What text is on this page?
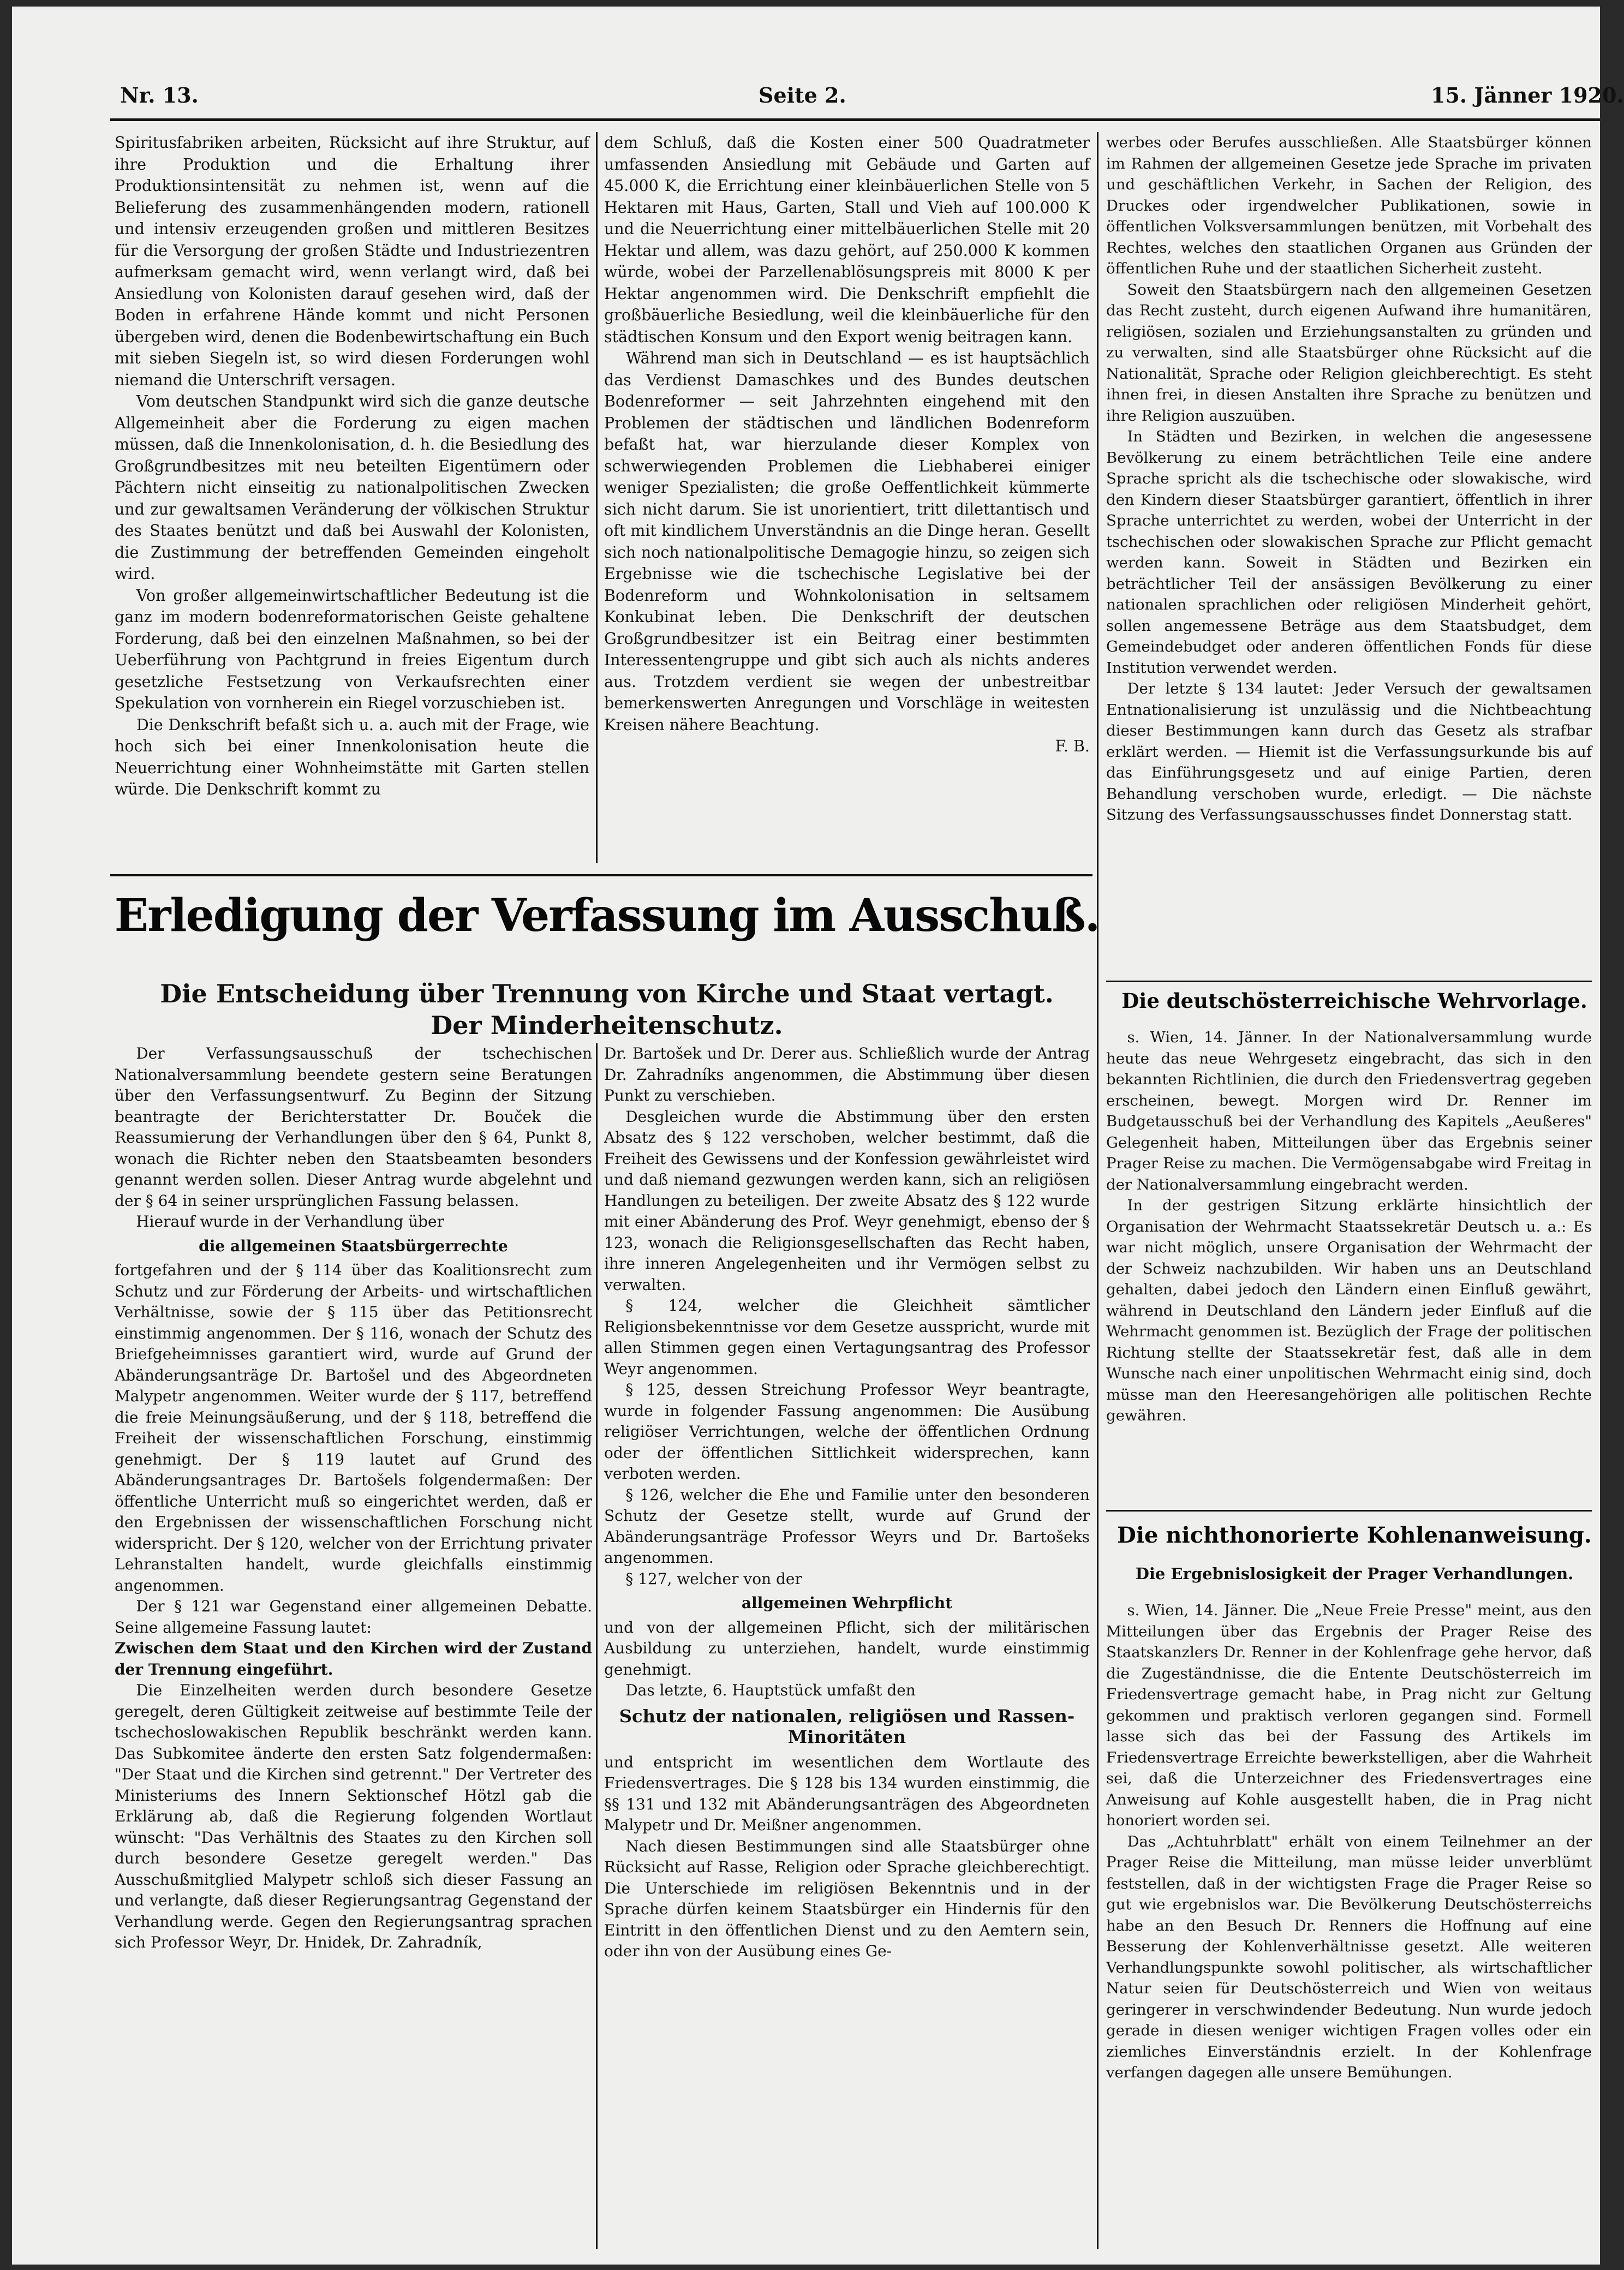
Nr. 13.	Seite 2.	15. Jänner 1920.

Spiritusfabriken arbeiten, Rücksicht auf ihre Struktur, auf ihre Produktion und die Erhaltung ihrer Produktionsintensität zu nehmen ist, wenn auf die Belieferung des zusammenhängenden modern, rationell und intensiv erzeugenden großen und mittleren Besitzes für die Versorgung der großen Städte und Industriezentren aufmerksam gemacht wird, wenn verlangt wird, daß bei Ansiedlung von Kolonisten darauf gesehen wird, daß der Boden in erfahrene Hände kommt und nicht Personen übergeben wird, denen die Bodenbewirtschaftung ein Buch mit sieben Siegeln ist, so wird diesen Forderungen wohl niemand die Unterschrift versagen.

Vom deutschen Standpunkt wird sich die ganze deutsche Allgemeinheit aber die Forderung zu eigen machen müssen, daß die Innenkolonisation, d. h. die Besiedlung des Großgrundbesitzes mit neu beteilten Eigentümern oder Pächtern nicht einseitig zu nationalpolitischen Zwecken und zur gewaltsamen Veränderung der völkischen Struktur des Staates benützt und daß bei Auswahl der Kolonisten, die Zustimmung der betreffenden Gemeinden eingeholt wird.

Von großer allgemeinwirtschaftlicher Bedeutung ist die ganz im modern bodenreformatorischen Geiste gehaltene Forderung, daß bei den einzelnen Maßnahmen, so bei der Ueberführung von Pachtgrund in freies Eigentum durch gesetzliche Festsetzung von Verkaufsrechten einer Spekulation von vornherein ein Riegel vorzuschieben ist.

Die Denkschrift befaßt sich u. a. auch mit der Frage, wie hoch sich bei einer Innenkolonisation heute die Neuerrichtung einer Wohnheimstätte mit Garten stellen würde. Die Denkschrift kommt zu

dem Schluß, daß die Kosten einer 500 Quadratmeter umfassenden Ansiedlung mit Gebäude und Garten auf 45.000 K, die Errichtung einer kleinbäuerlichen Stelle von 5 Hektaren mit Haus, Garten, Stall und Vieh auf 100.000 K und die Neuerrichtung einer mittelbäuerlichen Stelle mit 20 Hektar und allem, was dazu gehört, auf 250.000 K kommen würde, wobei der Parzellenablösungspreis mit 8000 K per Hektar angenommen wird. Die Denkschrift empfiehlt die großbäuerliche Besiedlung, weil die kleinbäuerliche für den städtischen Konsum und den Export wenig beitragen kann.

Während man sich in Deutschland — es ist hauptsächlich das Verdienst Damaschkes und des Bundes deutschen Bodenreformer — seit Jahrzehnten eingehend mit den Problemen der städtischen und ländlichen Bodenreform befaßt hat, war hierzulande dieser Komplex von schwerwiegenden Problemen die Liebhaberei einiger weniger Spezialisten; die große Oeffentlichkeit kümmerte sich nicht darum. Sie ist unorientiert, tritt dilettantisch und oft mit kindlichem Unverständnis an die Dinge heran. Gesellt sich noch nationalpolitische Demagogie hinzu, so zeigen sich Ergebnisse wie die tschechische Legislative bei der Bodenreform und Wohnkolonisation in seltsamem Konkubinat leben. Die Denkschrift der deutschen Großgrundbesitzer ist ein Beitrag einer bestimmten Interessentengruppe und gibt sich auch als nichts anderes aus. Trotzdem verdient sie wegen der unbestreitbar bemerkenswerten Anregungen und Vorschläge in weitesten Kreisen nähere Beachtung.

F. B.

werbes oder Berufes ausschließen. Alle Staatsbürger können im Rahmen der allgemeinen Gesetze jede Sprache im privaten und geschäftlichen Verkehr, in Sachen der Religion, des Druckes oder irgendwelcher Publikationen, sowie in öffentlichen Volksversammlungen benützen, mit Vorbehalt des Rechtes, welches den staatlichen Organen aus Gründen der öffentlichen Ruhe und der staatlichen Sicherheit zusteht.

Soweit den Staatsbürgern nach den allgemeinen Gesetzen das Recht zusteht, durch eigenen Aufwand ihre humanitären, religiösen, sozialen und Erziehungsanstalten zu gründen und zu verwalten, sind alle Staatsbürger ohne Rücksicht auf die Nationalität, Sprache oder Religion gleichberechtigt. Es steht ihnen frei, in diesen Anstalten ihre Sprache zu benützen und ihre Religion auszuüben.

In Städten und Bezirken, in welchen die angesessene Bevölkerung zu einem beträchtlichen Teile eine andere Sprache spricht als die tschechische oder slowakische, wird den Kindern dieser Staatsbürger garantiert, öffentlich in ihrer Sprache unterrichtet zu werden, wobei der Unterricht in der tschechischen oder slowakischen Sprache zur Pflicht gemacht werden kann. Soweit in Städten und Bezirken ein beträchtlicher Teil der ansässigen Bevölkerung zu einer nationalen sprachlichen oder religiösen Minderheit gehört, sollen angemessene Beträge aus dem Staatsbudget, dem Gemeindebudget oder anderen öffentlichen Fonds für diese Institution verwendet werden.

Der letzte § 134 lautet: Jeder Versuch der gewaltsamen Entnationalisierung ist unzulässig und die Nichtbeachtung dieser Bestimmungen kann durch das Gesetz als strafbar erklärt werden. — Hiemit ist die Verfassungsurkunde bis auf das Einführungsgesetz und auf einige Partien, deren Behandlung verschoben wurde, erledigt. — Die nächste Sitzung des Verfassungsausschusses findet Donnerstag statt.

Erledigung der Verfassung im Ausschuß.
Die Entscheidung über Trennung von Kirche und Staat vertagt.
Der Minderheitenschutz.

Der Verfassungsausschuß der tschechischen Nationalversammlung beendete gestern seine Beratungen über den Verfassungsentwurf. Zu Beginn der Sitzung beantragte der Berichterstatter Dr. Bouček die Reassumierung der Verhandlungen über den § 64, Punkt 8, wonach die Richter neben den Staatsbeamten besonders genannt werden sollen. Dieser Antrag wurde abgelehnt und der § 64 in seiner ursprünglichen Fassung belassen.

Hierauf wurde in der Verhandlung über

die allgemeinen Staatsbürgerrechte

fortgefahren und der § 114 über das Koalitionsrecht zum Schutz und zur Förderung der Arbeits- und wirtschaftlichen Verhältnisse, sowie der § 115 über das Petitionsrecht einstimmig angenommen. Der § 116, wonach der Schutz des Briefgeheimnisses garantiert wird, wurde auf Grund der Abänderungsanträge Dr. Bartošel und des Abgeordneten Malypetr angenommen. Weiter wurde der § 117, betreffend die freie Meinungsäußerung, und der § 118, betreffend die Freiheit der wissenschaftlichen Forschung, einstimmig genehmigt. Der § 119 lautet auf Grund des Abänderungsantrages Dr. Bartošels folgendermaßen: Der öffentliche Unterricht muß so eingerichtet werden, daß er den Ergebnissen der wissenschaftlichen Forschung nicht widerspricht. Der § 120, welcher von der Errichtung privater Lehranstalten handelt, wurde gleichfalls einstimmig angenommen.

Der § 121 war Gegenstand einer allgemeinen Debatte. Seine allgemeine Fassung lautet:

Zwischen dem Staat und den Kirchen wird der Zustand der Trennung eingeführt.

Die Einzelheiten werden durch besondere Gesetze geregelt, deren Gültigkeit zeitweise auf bestimmte Teile der tschechoslowakischen Republik beschränkt werden kann. Das Subkomitee änderte den ersten Satz folgendermaßen: "Der Staat und die Kirchen sind getrennt." Der Vertreter des Ministeriums des Innern Sektionschef Hötzl gab die Erklärung ab, daß die Regierung folgenden Wortlaut wünscht: "Das Verhältnis des Staates zu den Kirchen soll durch besondere Gesetze geregelt werden." Das Ausschußmitglied Malypetr schloß sich dieser Fassung an und verlangte, daß dieser Regierungsantrag Gegenstand der Verhandlung werde. Gegen den Regierungsantrag sprachen sich Professor Weyr, Dr. Hnidek, Dr. Zahradník,

Dr. Bartošek und Dr. Derer aus. Schließlich wurde der Antrag Dr. Zahradníks angenommen, die Abstimmung über diesen Punkt zu verschieben.

Desgleichen wurde die Abstimmung über den ersten Absatz des § 122 verschoben, welcher bestimmt, daß die Freiheit des Gewissens und der Konfession gewährleistet wird und daß niemand gezwungen werden kann, sich an religiösen Handlungen zu beteiligen. Der zweite Absatz des § 122 wurde mit einer Abänderung des Prof. Weyr genehmigt, ebenso der § 123, wonach die Religionsgesellschaften das Recht haben, ihre inneren Angelegenheiten und ihr Vermögen selbst zu verwalten.

§ 124, welcher die Gleichheit sämtlicher Religionsbekenntnisse vor dem Gesetze ausspricht, wurde mit allen Stimmen gegen einen Vertagungsantrag des Professor Weyr angenommen.

§ 125, dessen Streichung Professor Weyr beantragte, wurde in folgender Fassung angenommen: Die Ausübung religiöser Verrichtungen, welche der öffentlichen Ordnung oder der öffentlichen Sittlichkeit widersprechen, kann verboten werden.

§ 126, welcher die Ehe und Familie unter den besonderen Schutz der Gesetze stellt, wurde auf Grund der Abänderungsanträge Professor Weyrs und Dr. Bartošeks angenommen.

§ 127, welcher von der

allgemeinen Wehrpflicht

und von der allgemeinen Pflicht, sich der militärischen Ausbildung zu unterziehen, handelt, wurde einstimmig genehmigt.

Das letzte, 6. Hauptstück umfaßt den

Schutz der nationalen, religiösen und Rassen-Minoritäten

und entspricht im wesentlichen dem Wortlaute des Friedensvertrages. Die § 128 bis 134 wurden einstimmig, die §§ 131 und 132 mit Abänderungsanträgen des Abgeordneten Malypetr und Dr. Meißner angenommen.

Nach diesen Bestimmungen sind alle Staatsbürger ohne Rücksicht auf Rasse, Religion oder Sprache gleichberechtigt. Die Unterschiede im religiösen Bekenntnis und in der Sprache dürfen keinem Staatsbürger ein Hindernis für den Eintritt in den öffentlichen Dienst und zu den Aemtern sein, oder ihn von der Ausübung eines Ge-

Die deutschösterreichische Wehrvorlage.

s. Wien, 14. Jänner. In der Nationalversammlung wurde heute das neue Wehrgesetz eingebracht, das sich in den bekannten Richtlinien, die durch den Friedensvertrag gegeben erscheinen, bewegt. Morgen wird Dr. Renner im Budgetausschuß bei der Verhandlung des Kapitels „Aeußeres" Gelegenheit haben, Mitteilungen über das Ergebnis seiner Prager Reise zu machen. Die Vermögensabgabe wird Freitag in der Nationalversammlung eingebracht werden.

In der gestrigen Sitzung erklärte hinsichtlich der Organisation der Wehrmacht Staatssekretär Deutsch u. a.: Es war nicht möglich, unsere Organisation der Wehrmacht der der Schweiz nachzubilden. Wir haben uns an Deutschland gehalten, dabei jedoch den Ländern einen Einfluß gewährt, während in Deutschland den Ländern jeder Einfluß auf die Wehrmacht genommen ist. Bezüglich der Frage der politischen Richtung stellte der Staatssekretär fest, daß alle in dem Wunsche nach einer unpolitischen Wehrmacht einig sind, doch müsse man den Heeresangehörigen alle politischen Rechte gewähren.

Die nichthonorierte Kohlenanweisung.
Die Ergebnislosigkeit der Prager Verhandlungen.

s. Wien, 14. Jänner. Die „Neue Freie Presse" meint, aus den Mitteilungen über das Ergebnis der Prager Reise des Staatskanzlers Dr. Renner in der Kohlenfrage gehe hervor, daß die Zugeständnisse, die die Entente Deutschösterreich im Friedensvertrage gemacht habe, in Prag nicht zur Geltung gekommen und praktisch verloren gegangen sind. Formell lasse sich das bei der Fassung des Artikels im Friedensvertrage Erreichte bewerkstelligen, aber die Wahrheit sei, daß die Unterzeichner des Friedensvertrages eine Anweisung auf Kohle ausgestellt haben, die in Prag nicht honoriert worden sei.

Das „Achtuhrblatt" erhält von einem Teilnehmer an der Prager Reise die Mitteilung, man müsse leider unverblümt feststellen, daß in der wichtigsten Frage die Prager Reise so gut wie ergebnislos war. Die Bevölkerung Deutschösterreichs habe an den Besuch Dr. Renners die Hoffnung auf eine Besserung der Kohlenverhältnisse gesetzt. Alle weiteren Verhandlungspunkte sowohl politischer, als wirtschaftlicher Natur seien für Deutschösterreich und Wien von weitaus geringerer in verschwindender Bedeutung. Nun wurde jedoch gerade in diesen weniger wichtigen Fragen volles oder ein ziemliches Einverständnis erzielt. In der Kohlenfrage verfangen dagegen alle unsere Bemühungen.
